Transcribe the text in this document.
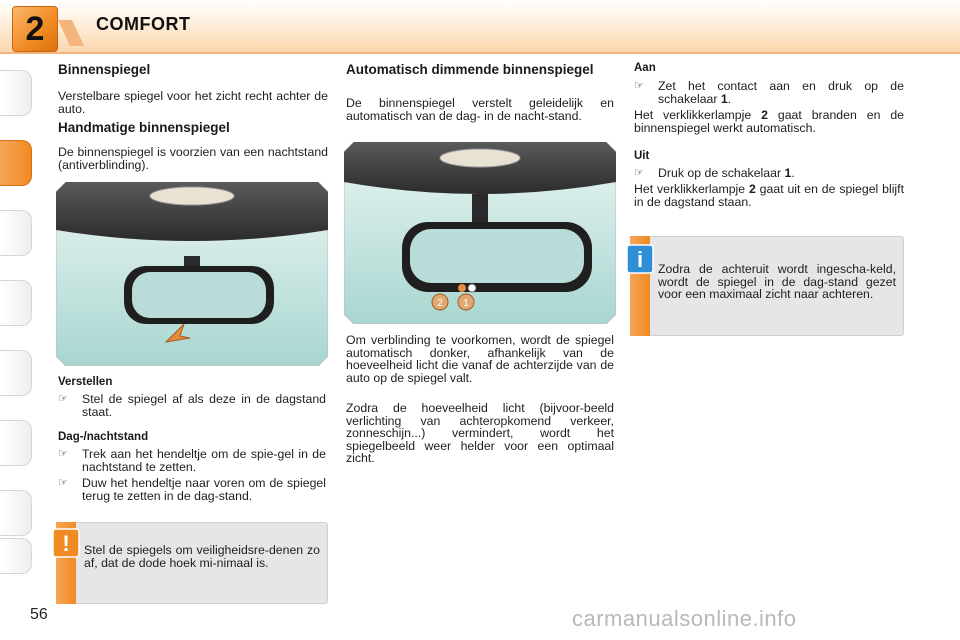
2	COMFORT
Binnenspiegel
Verstelbare spiegel voor het zicht recht achter de auto.
Handmatige binnenspiegel
De binnenspiegel is voorzien van een nachtstand (antiverblinding).
Verstellen
☞ Stel de spiegel af als deze in de dagstand staat.
Dag-/nachtstand
☞ Trek aan het hendeltje om de spie-gel in de nachtstand te zetten.
☞ Duw het hendeltje naar voren om de spiegel terug te zetten in de dag-stand.
! Stel de spiegels om veiligheidsre-denen zo af, dat de dode hoek mi-nimaal is.
Automatisch dimmende binnenspiegel
De binnenspiegel verstelt geleidelijk en automatisch van de dag- in de nacht-stand.
2 1
Om verblinding te voorkomen, wordt de spiegel automatisch donker, afhankelijk van de hoeveelheid licht die vanaf de achterzijde van de auto op de spiegel valt.
Zodra de hoeveelheid licht (bijvoor-beeld verlichting van achteropkomend verkeer, zonneschijn...) vermindert, wordt het spiegelbeeld weer helder voor een optimaal zicht.
Aan
☞ Zet het contact aan en druk op de schakelaar 1.
Het verklikkerlampje 2 gaat branden en de binnenspiegel werkt automatisch.
Uit
☞ Druk op de schakelaar 1.
Het verklikkerlampje 2 gaat uit en de spiegel blijft in de dagstand staan.
i Zodra de achteruit wordt ingescha-keld, wordt de spiegel in de dag-stand gezet voor een maximaal zicht naar achteren.
56	carmanualsonline.info
